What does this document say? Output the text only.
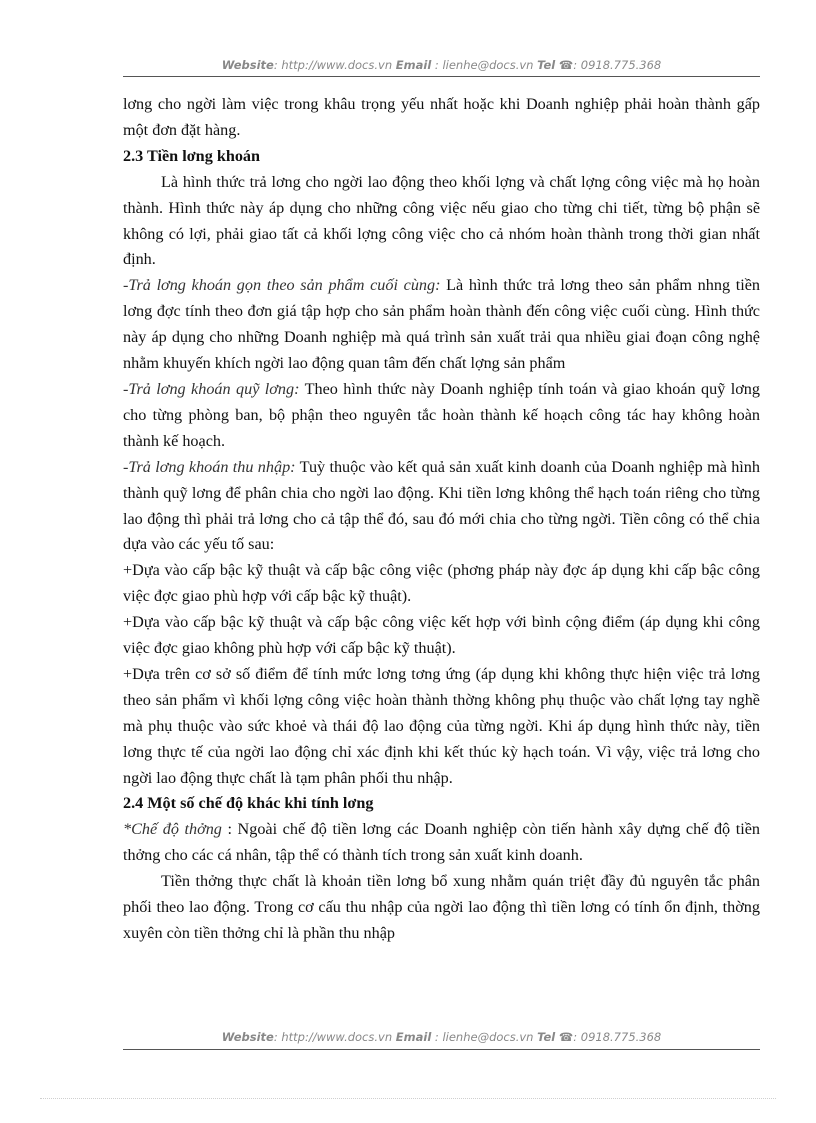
Website: http://www.docs.vn Email : lienhe@docs.vn Tel ☎: 0918.775.368

lơng cho ngời làm việc trong khâu trọng yếu nhất hoặc khi Doanh nghiệp phải hoàn thành gấp một đơn đặt hàng.

2.3 Tiền lơng khoán

Là hình thức trả lơng cho ngời lao động theo khối lợng và chất lợng công việc mà họ hoàn thành. Hình thức này áp dụng cho những công việc nếu giao cho từng chi tiết, từng bộ phận sẽ không có lợi, phải giao tất cả khối lợng công việc cho cả nhóm hoàn thành trong thời gian nhất định.

-Trả lơng khoán gọn theo sản phẩm cuối cùng: Là hình thức trả lơng theo sản phẩm nhng tiền lơng đợc tính theo đơn giá tập hợp cho sản phẩm hoàn thành đến công việc cuối cùng. Hình thức này áp dụng cho những Doanh nghiệp mà quá trình sản xuất trải qua nhiều giai đoạn công nghệ nhằm khuyến khích ngời lao động quan tâm đến chất lợng sản phẩm

-Trả lơng khoán quỹ lơng: Theo hình thức này Doanh nghiệp tính toán và giao khoán quỹ lơng cho từng phòng ban, bộ phận theo nguyên tắc hoàn thành kế hoạch công tác hay không hoàn thành kế hoạch.

-Trả lơng khoán thu nhập: Tuỳ thuộc vào kết quả sản xuất kinh doanh của Doanh nghiệp mà hình thành quỹ lơng để phân chia cho ngời lao động. Khi tiền lơng không thể hạch toán riêng cho từng lao động thì phải trả lơng cho cả tập thể đó, sau đó mới chia cho từng ngời. Tiền công có thể chia dựa vào các yếu tố sau:

+Dựa vào cấp bậc kỹ thuật và cấp bậc công việc (phơng pháp này đợc áp dụng khi cấp bậc công việc đợc giao phù hợp với cấp bậc kỹ thuật).

+Dựa vào cấp bậc kỹ thuật và cấp bậc công việc kết hợp với bình cộng điểm (áp dụng khi công việc đợc giao không phù hợp với cấp bậc kỹ thuật).

+Dựa trên cơ sở số điểm để tính mức lơng tơng ứng (áp dụng khi không thực hiện việc trả lơng theo sản phẩm vì khối lợng công việc hoàn thành thờng không phụ thuộc vào chất lợng tay nghề mà phụ thuộc vào sức khoẻ và thái độ lao động của từng ngời. Khi áp dụng hình thức này, tiền lơng thực tế của ngời lao động chỉ xác định khi kết thúc kỳ hạch toán. Vì vậy, việc trả lơng cho ngời lao động thực chất là tạm phân phối thu nhập.

2.4 Một số chế độ khác khi tính lơng

*Chế độ thởng : Ngoài chế độ tiền lơng các Doanh nghiệp còn tiến hành xây dựng chế độ tiền thởng cho các cá nhân, tập thể có thành tích trong sản xuất kinh doanh.

Tiền thởng thực chất là khoản tiền lơng bổ xung nhằm quán triệt đầy đủ nguyên tắc phân phối theo lao động. Trong cơ cấu thu nhập của ngời lao động thì tiền lơng có tính ổn định, thờng xuyên còn tiền thởng chỉ là phần thu nhập

Website: http://www.docs.vn Email : lienhe@docs.vn Tel ☎: 0918.775.368
